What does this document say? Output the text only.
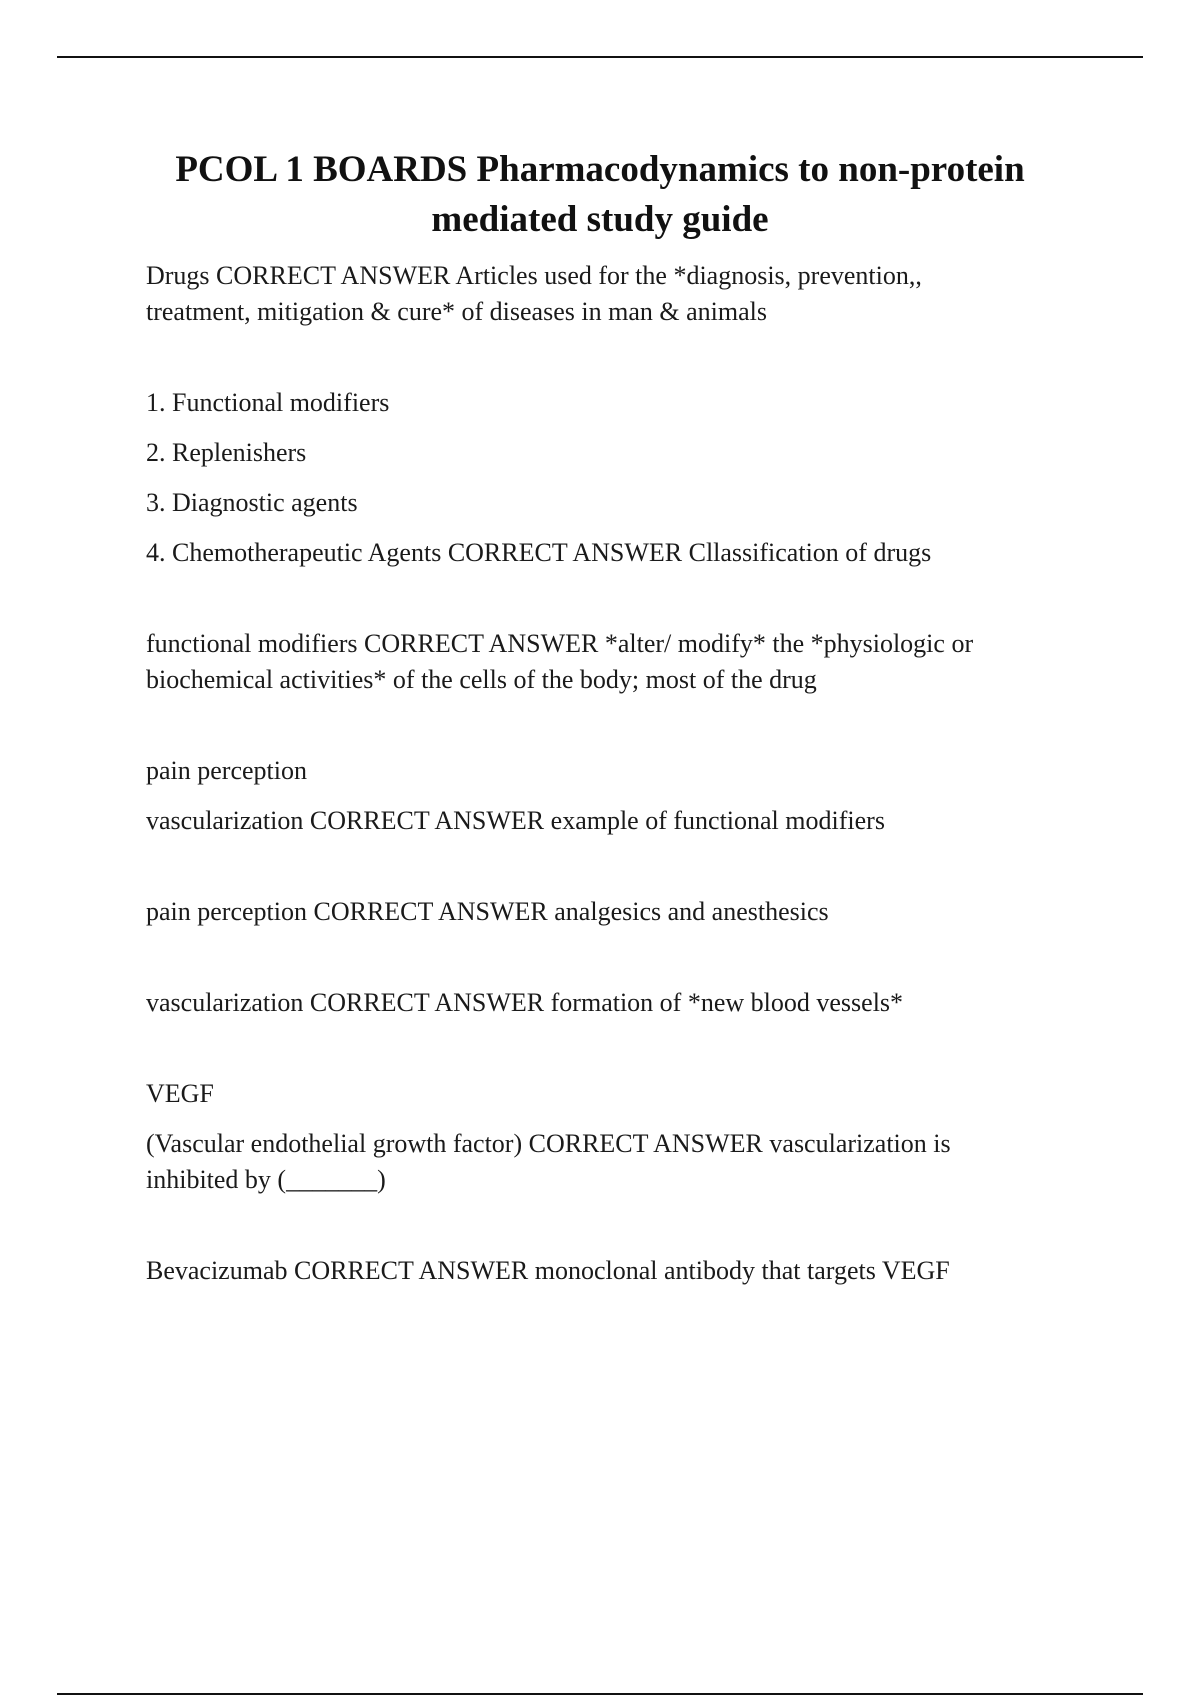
PCOL 1 BOARDS Pharmacodynamics to non-protein
mediated study guide

Drugs CORRECT ANSWER Articles used for the *diagnosis, prevention,,
treatment, mitigation & cure* of diseases in man & animals

1. Functional modifiers
2. Replenishers
3. Diagnostic agents
4. Chemotherapeutic Agents CORRECT ANSWER Cllassification of drugs

functional modifiers CORRECT ANSWER *alter/ modify* the *physiologic or
biochemical activities* of the cells of the body; most of the drug

pain perception
vascularization CORRECT ANSWER example of functional modifiers

pain perception CORRECT ANSWER analgesics and anesthesics

vascularization CORRECT ANSWER formation of *new blood vessels*

VEGF
(Vascular endothelial growth factor) CORRECT ANSWER vascularization is
inhibited by (_______)

Bevacizumab CORRECT ANSWER monoclonal antibody that targets VEGF
